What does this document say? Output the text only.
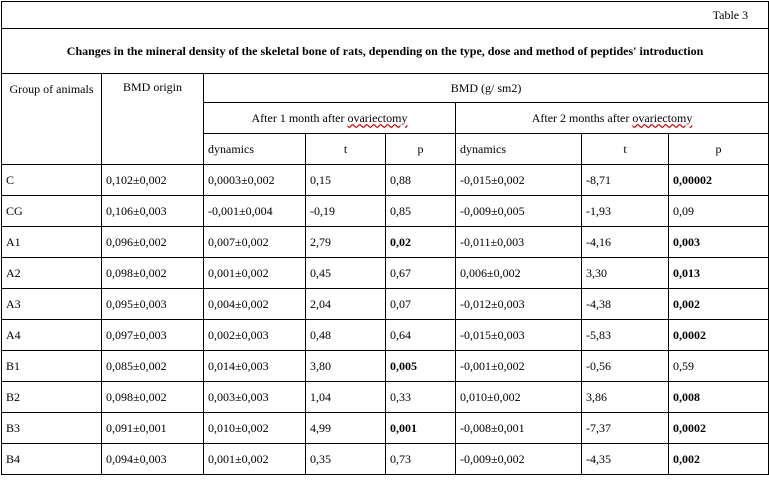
Table 3							
Changes in the mineral density of the skeletal bone of rats, depending on the type, dose and method of peptides' introduction							
Group of animals	BMD origin	BMD (g/ sm2)					
		After 1 month after ovariectomy			After 2 months after ovariectomy		
		dynamics	t	p	dynamics	t	p
C	0,102±0,002	0,0003±0,002	0,15	0,88	-0,015±0,002	-8,71	0,00002
CG	0,106±0,003	-0,001±0,004	-0,19	0,85	-0,009±0,005	-1,93	0,09
A1	0,096±0,002	0,007±0,002	2,79	0,02	-0,011±0,003	-4,16	0,003
A2	0,098±0,002	0,001±0,002	0,45	0,67	0,006±0,002	3,30	0,013
A3	0,095±0,003	0,004±0,002	2,04	0,07	-0,012±0,003	-4,38	0,002
A4	0,097±0,003	0,002±0,003	0,48	0,64	-0,015±0,003	-5,83	0,0002
B1	0,085±0,002	0,014±0,003	3,80	0,005	-0,001±0,002	-0,56	0,59
B2	0,098±0,002	0,003±0,003	1,04	0,33	0,010±0,002	3,86	0,008
B3	0,091±0,001	0,010±0,002	4,99	0,001	-0,008±0,001	-7,37	0,0002
B4	0,094±0,003	0,001±0,002	0,35	0,73	-0,009±0,002	-4,35	0,002
